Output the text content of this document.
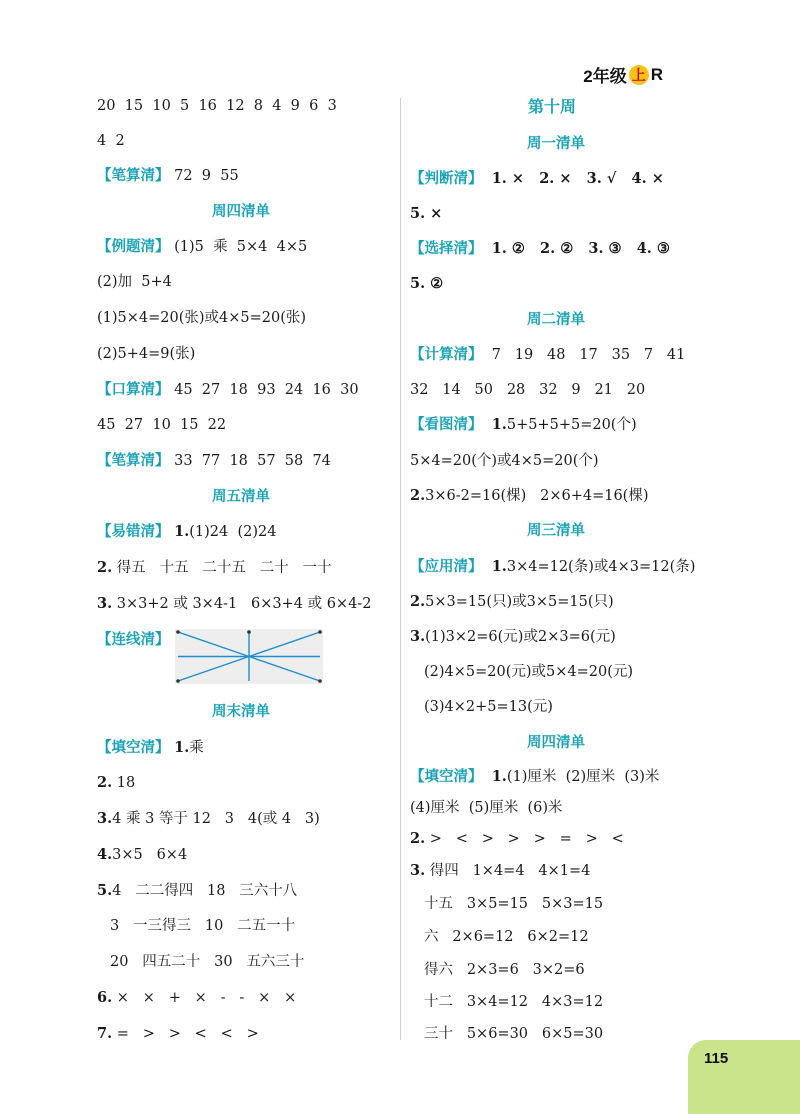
2年级 上 R
20  15  10  5  16  12  8  4  9  6  3
4  2
【笔算清】 72  9  55
周四清单
【例题清】 (1)5  乘  5×4  4×5
(2)加  5+4
(1)5×4=20(张)或4×5=20(张)
(2)5+4=9(张)
【口算清】 45  27  18  93  24  16  30
45  27  10  15  22
【笔算清】 33  77  18  57  58  74
周五清单
【易错清】 1.(1)24  (2)24
2. 得五   十五   二十五   二十   一十
3. 3×3+2 或 3×4-1   6×3+4 或 6×4-2
【连线清】
周末清单
【填空清】 1.乘
2. 18
3.4 乘 3 等于 12   3   4(或 4   3)
4.3×5   6×4
5.4   二二得四   18   三六十八
3   一三得三   10   二五一十
20   四五二十   30   五六三十
6. ×   ×   +   ×   -   -   ×   ×
7. =   >   >   <   <   >
第十周
周一清单
【判断清】 1. ×   2. ×   3. √   4. ×
5. ×
【选择清】 1. ②   2. ②   3. ③   4. ③
5. ②
周二清单
【计算清】 7   19   48   17   35   7   41
32   14   50   28   32   9   21   20
【看图清】 1.5+5+5+5=20(个)
5×4=20(个)或4×5=20(个)
2.3×6-2=16(棵)   2×6+4=16(棵)
周三清单
【应用清】 1.3×4=12(条)或4×3=12(条)
2.5×3=15(只)或3×5=15(只)
3.(1)3×2=6(元)或2×3=6(元)
(2)4×5=20(元)或5×4=20(元)
(3)4×2+5=13(元)
周四清单
【填空清】 1.(1)厘米  (2)厘米  (3)米
(4)厘米  (5)厘米  (6)米
2. >   <   >   >   >   =   >   <
3. 得四   1×4=4   4×1=4
十五   3×5=15   5×3=15
六   2×6=12   6×2=12
得六   2×3=6   3×2=6
十二   3×4=12   4×3=12
三十   5×6=30   6×5=30
115
